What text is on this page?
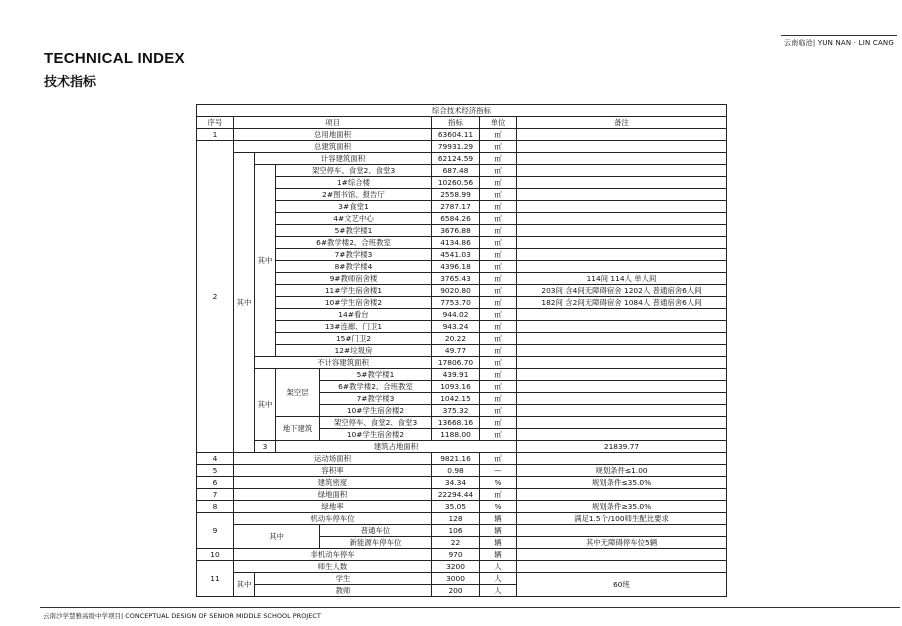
云南临沧| YUN NAN · LIN CANG
TECHNICAL INDEX
技术指标
综合技术经济指标								
序号	项目				指标	单位	备注	
1	总用地面积				63604.11	㎡		
2	总建筑面积				79931.29	㎡		
	其中	计容建筑面积			62124.59	㎡		
		其中	架空停车、食堂2、食堂3		687.48	㎡		
			1#综合楼		10260.56	㎡		
			2#图书馆、报告厅		2558.99	㎡		
			3#食堂1		2787.17	㎡		
			4#文艺中心		6584.26	㎡		
			5#教学楼1		3676.88	㎡		
			6#教学楼2、合班教室		4134.86	㎡		
			7#教学楼3		4541.03	㎡		
			8#教学楼4		4396.18	㎡		
			9#教师宿舍楼		3765.43	㎡	114间 114人 单人间	
			11#学生宿舍楼1		9020.80	㎡	203间 含4间无障碍宿舍 1202人 普通宿舍6人间	
			10#学生宿舍楼2		7753.70	㎡	182间 含2间无障碍宿舍 1084人 普通宿舍6人间	
			14#看台		944.02	㎡		
			13#连廊、门卫1		943.24	㎡		
			15#门卫2		20.22	㎡		
			12#垃圾房		49.77	㎡		
		不计容建筑面积			17806.70	㎡		
		其中	架空层	5#教学楼1	439.91	㎡		
				6#教学楼2、合班教室	1093.16	㎡		
				7#教学楼3	1042.15	㎡		
				10#学生宿舍楼2	375.32	㎡		
			地下建筑	架空停车、食堂2、食堂3	13668.16	㎡		
				10#学生宿舍楼2	1188.00	㎡		
		3	建筑占地面积				21839.77		
4	运动场面积				9821.16	㎡		
5	容积率				0.98	—	规划条件≤1.00	
6	建筑密度				34.34	%	规划条件≤35.0%	
7	绿地面积				22294.44	㎡		
8	绿地率				35.05	%	规划条件≥35.0%	
9	机动车停车位				128	辆	满足1.5个/100师生配比要求	
	其中			普通车位	106	辆		
				新能源车停车位	22	辆	其中无障碍停车位5辆	
10	非机动车停车				970	辆		
11	师生人数				3200	人		
	其中	学生			3000	人	60班	
		教师			200	人		
云南沙学慧雅高级中学项目| CONCEPTUAL DESIGN OF SENIOR MIDDLE SCHOOL PROJECT
